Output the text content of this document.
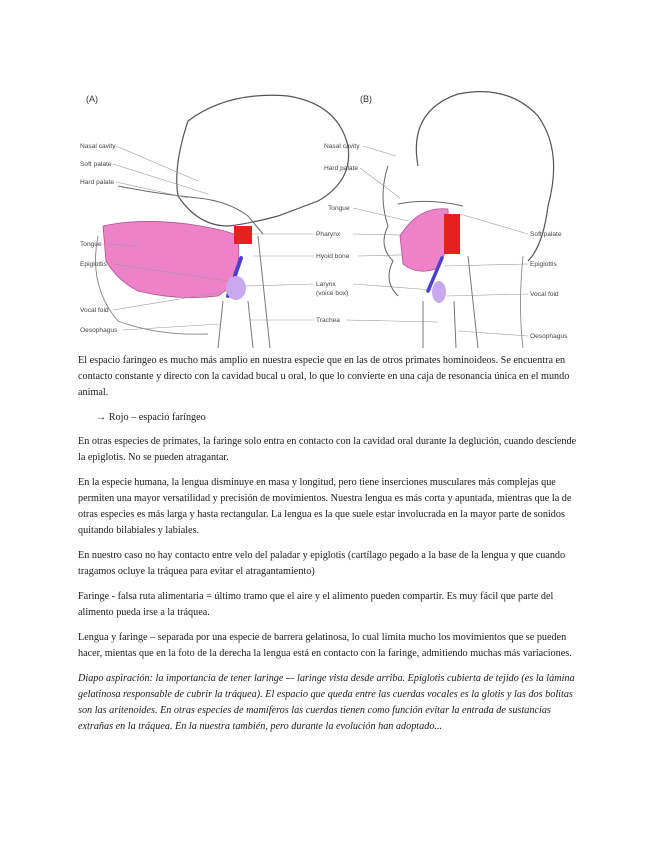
(A)
Nasal cavity
Soft palate
Hard palate
Tongue
Epiglottis
Vocal fold
Oesophagus
Pharynx
Hyoid bone
Larynx
(voice box)
Trachea
(B)
Nasal cavity
Hard palate
Tongue
Soft palate
Epiglottis
Vocal fold
Oesophagus

El espacio faríngeo es mucho más amplio en nuestra especie que en las de otros primates hominoideos. Se encuentra en contacto constante y directo con la cavidad bucal u oral, lo que lo convierte en una caja de resonancia única en el mundo animal.

→ Rojo – espacio faríngeo

En otras especies de primates, la faringe solo entra en contacto con la cavidad oral durante la deglución, cuando desciende la epiglotis. No se pueden atragantar.

En la especie humana, la lengua disminuye en masa y longitud, pero tiene inserciones musculares más complejas que permiten una mayor versatilidad y precisión de movimientos. Nuestra lengua es más corta y apuntada, mientras que la de otras especies es más larga y hasta rectangular. La lengua es la que suele estar involucrada en la mayor parte de sonidos quitando bilabiales y labiales.

En nuestro caso no hay contacto entre velo del paladar y epiglotis (cartílago pegado a la base de la lengua y que cuando tragamos ocluye la tráquea para evitar el atragantamiento)

Faringe - falsa ruta alimentaria = último tramo que el aire y el alimento pueden compartir. Es muy fácil que parte del alimento pueda irse a la tráquea.

Lengua y faringe – separada por una especie de barrera gelatinosa, lo cual limita mucho los movimientos que se pueden hacer, mientas que en la foto de la derecha la lengua está en contacto con la faringe, admitiendo muchas más variaciones.

Diapo aspiración: la importancia de tener laringe -– laringe vista desde arriba. Epiglotis cubierta de tejido (es la lámina gelatinosa responsable de cubrir la tráquea). El espacio que queda entre las cuerdas vocales es la glotis y las dos bolitas son las aritenoides. En otras especies de mamíferos las cuerdas tienen como función evitar la entrada de sustancias extrañas en la tráquea. En la nuestra también, pero durante la evolución han adoptado...
